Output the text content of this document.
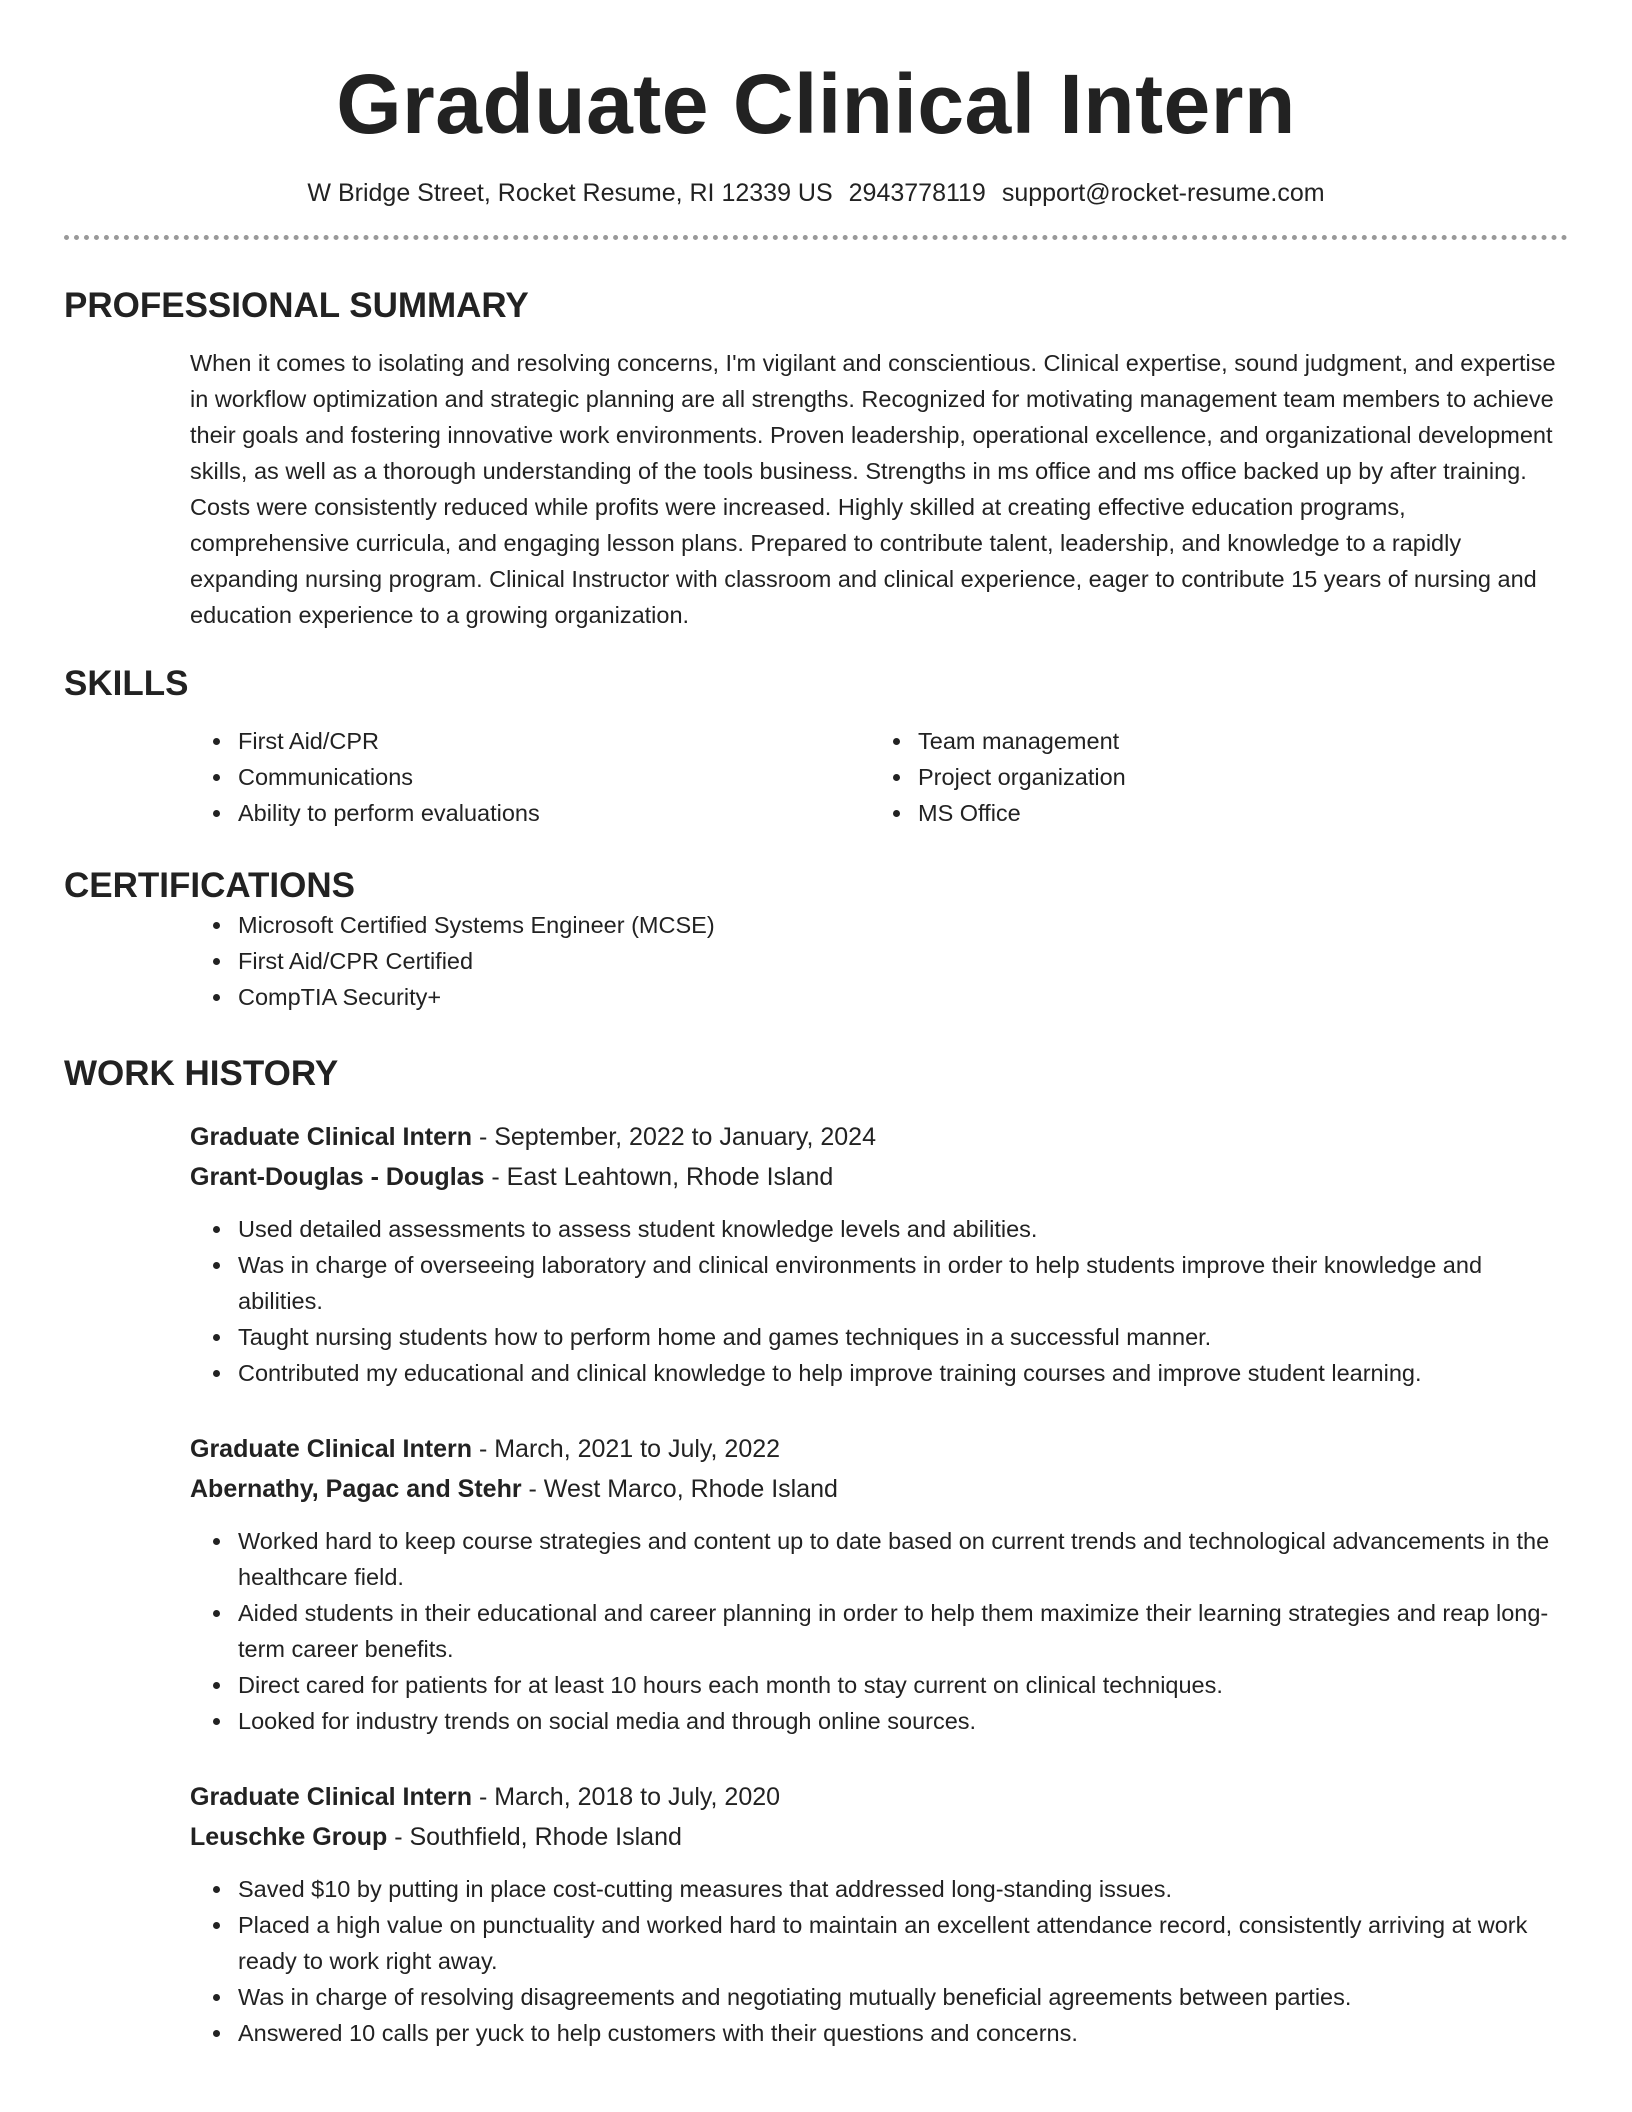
Graduate Clinical Intern
W Bridge Street, Rocket Resume, RI 12339 US 2943778119 support@rocket-resume.com
PROFESSIONAL SUMMARY

When it comes to isolating and resolving concerns, I'm vigilant and conscientious. Clinical expertise, sound judgment, and expertise in workflow optimization and strategic planning are all strengths. Recognized for motivating management team members to achieve their goals and fostering innovative work environments. Proven leadership, operational excellence, and organizational development skills, as well as a thorough understanding of the tools business. Strengths in ms office and ms office backed up by after training. Costs were consistently reduced while profits were increased. Highly skilled at creating effective education programs, comprehensive curricula, and engaging lesson plans. Prepared to contribute talent, leadership, and knowledge to a rapidly expanding nursing program. Clinical Instructor with classroom and clinical experience, eager to contribute 15 years of nursing and education experience to a growing organization.

SKILLS
• First Aid/CPR
• Communications
• Ability to perform evaluations
• Team management
• Project organization
• MS Office
CERTIFICATIONS
• Microsoft Certified Systems Engineer (MCSE)
• First Aid/CPR Certified
• CompTIA Security+
WORK HISTORY
Graduate Clinical Intern - September, 2022 to January, 2024
Grant-Douglas - Douglas - East Leahtown, Rhode Island
• Used detailed assessments to assess student knowledge levels and abilities.
• Was in charge of overseeing laboratory and clinical environments in order to help students improve their knowledge and abilities.
• Taught nursing students how to perform home and games techniques in a successful manner.
• Contributed my educational and clinical knowledge to help improve training courses and improve student learning.
Graduate Clinical Intern - March, 2021 to July, 2022
Abernathy, Pagac and Stehr - West Marco, Rhode Island
• Worked hard to keep course strategies and content up to date based on current trends and technological advancements in the healthcare field.
• Aided students in their educational and career planning in order to help them maximize their learning strategies and reap long-term career benefits.
• Direct cared for patients for at least 10 hours each month to stay current on clinical techniques.
• Looked for industry trends on social media and through online sources.
Graduate Clinical Intern - March, 2018 to July, 2020
Leuschke Group - Southfield, Rhode Island
• Saved $10 by putting in place cost-cutting measures that addressed long-standing issues.
• Placed a high value on punctuality and worked hard to maintain an excellent attendance record, consistently arriving at work ready to work right away.
• Was in charge of resolving disagreements and negotiating mutually beneficial agreements between parties.
• Answered 10 calls per yuck to help customers with their questions and concerns.
